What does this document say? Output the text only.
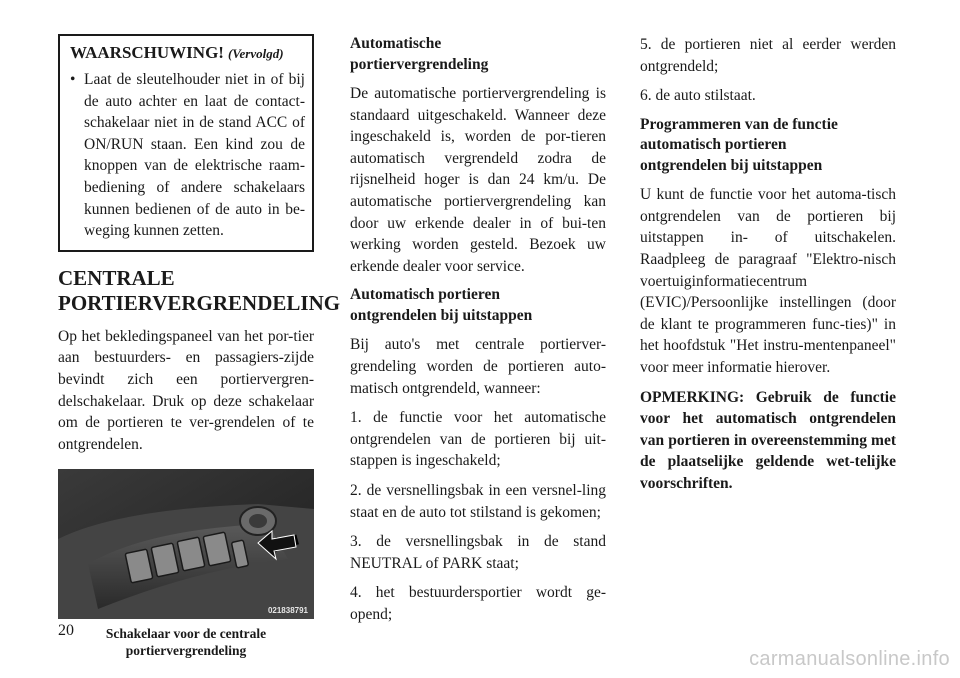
WAARSCHUWING! (Vervolgd)
• Laat de sleutelhouder niet in of bij de auto achter en laat de contact-schakelaar niet in de stand ACC of ON/RUN staan. Een kind zou de knoppen van de elektrische raam-bediening of andere schakelaars kunnen bedienen of de auto in be-weging kunnen zetten.
CENTRALE
PORTIERVERGRENDELING

Op het bekledingspaneel van het por-tier aan bestuurders- en passagiers-zijde bevindt zich een portiervergren-delschakelaar. Druk op deze schakelaar om de portieren te ver-grendelen of te ontgrendelen.

021838791
Schakelaar voor de centrale
portiervergrendeling
Automatische
portiervergrendeling

De automatische portiervergrendeling is standaard uitgeschakeld. Wanneer deze ingeschakeld is, worden de por-tieren automatisch vergrendeld zodra de rijsnelheid hoger is dan 24 km/u. De automatische portiervergrendeling kan door uw erkende dealer in of bui-ten werking worden gesteld. Bezoek uw erkende dealer voor service.

Automatisch portieren
ontgrendelen bij uitstappen

Bij auto's met centrale portierver-grendeling worden de portieren auto-matisch ontgrendeld, wanneer:

1. de functie voor het automatische ontgrendelen van de portieren bij uit-stappen is ingeschakeld;

2. de versnellingsbak in een versnel-ling staat en de auto tot stilstand is gekomen;

3. de versnellingsbak in de stand NEUTRAL of PARK staat;

4. het bestuurdersportier wordt ge-opend;

5. de portieren niet al eerder werden ontgrendeld;

6. de auto stilstaat.

Programmeren van de functie
automatisch portieren
ontgrendelen bij uitstappen

U kunt de functie voor het automa-tisch ontgrendelen van de portieren bij uitstappen in- of uitschakelen. Raadpleeg de paragraaf "Elektro-nisch voertuiginformatiecentrum (EVIC)/Persoonlijke instellingen (door de klant te programmeren func-ties)" in het hoofdstuk "Het instru-mentenpaneel" voor meer informatie hierover.

OPMERKING: Gebruik de functie voor het automatisch ontgrendelen van portieren in overeenstemming met de plaatselijke geldende wet-telijke voorschriften.

20
carmanualsonline.info
